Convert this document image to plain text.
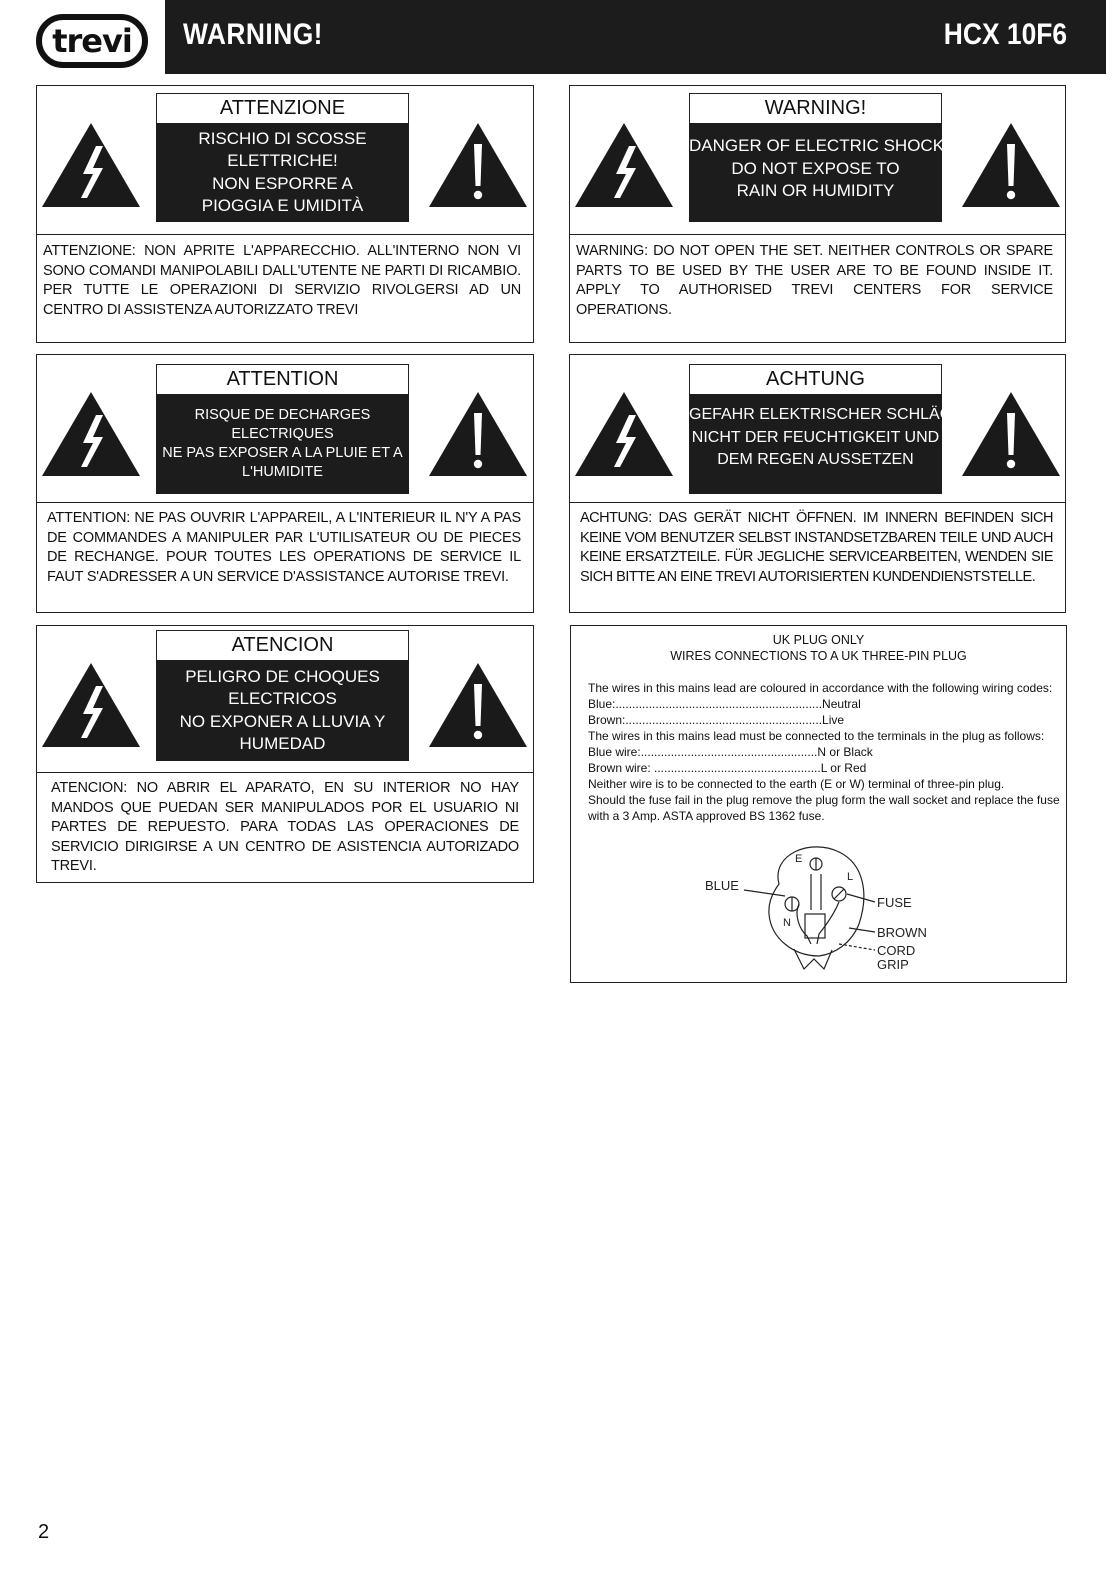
trevi WARNING!	HCX 10F6
ATTENZIONE
RISCHIO DI SCOSSE
ELETTRICHE!
NON ESPORRE A
PIOGGIA E UMIDITÀ
ATTENZIONE: NON APRITE L'APPARECCHIO. ALL'INTERNO NON VI SONO COMANDI MANIPOLABILI DALL'UTENTE NE PARTI DI RICAMBIO. PER TUTTE LE OPERAZIONI DI SERVIZIO RIVOLGERSI AD UN CENTRO DI ASSISTENZA AUTORIZZATO TREVI
WARNING!
DANGER OF ELECTRIC SHOCK!
DO NOT EXPOSE TO
RAIN OR HUMIDITY
WARNING: DO NOT OPEN THE SET. NEITHER CONTROLS OR SPARE PARTS TO BE USED BY THE USER ARE TO BE FOUND INSIDE IT. APPLY TO AUTHORISED TREVI CENTERS FOR SERVICE OPERATIONS.
ATTENTION
RISQUE DE DECHARGES
ELECTRIQUES
NE PAS EXPOSER A LA PLUIE ET A
L'HUMIDITE
ATTENTION: NE PAS OUVRIR L'APPAREIL, A L'INTERIEUR IL N'Y A PAS DE COMMANDES A MANIPULER PAR L'UTILISATEUR OU DE PIECES DE RECHANGE. POUR TOUTES LES OPERATIONS DE SERVICE IL FAUT S'ADRESSER A UN SERVICE D'ASSISTANCE AUTORISE TREVI.
ACHTUNG
GEFAHR ELEKTRISCHER SCHLÄGE
NICHT DER FEUCHTIGKEIT UND
DEM REGEN AUSSETZEN
ACHTUNG: DAS GERÄT NICHT ÖFFNEN. IM INNERN BEFINDEN SICH KEINE VOM BENUTZER SELBST INSTANDSETZBAREN TEILE UND AUCH KEINE ERSATZTEILE. FÜR JEGLICHE SERVICEARBEITEN, WENDEN SIE SICH BITTE AN EINE TREVI AUTORISIERTEN KUNDENDIENSTSTELLE.
ATENCION
PELIGRO DE CHOQUES
ELECTRICOS
NO EXPONER A LLUVIA Y
HUMEDAD
ATENCION: NO ABRIR EL APARATO, EN SU INTERIOR NO HAY MANDOS QUE PUEDAN SER MANIPULADOS POR EL USUARIO NI PARTES DE REPUESTO. PARA TODAS LAS OPERACIONES DE SERVICIO DIRIGIRSE A UN CENTRO DE ASISTENCIA AUTORIZADO TREVI.
UK PLUG ONLY
WIRES CONNECTIONS TO A UK THREE-PIN PLUG
The wires in this mains lead are coloured in accordance with the following wiring codes:
Blue:..............................................................Neutral
Brown:...........................................................Live
The wires in this mains lead must be connected to the terminals in the plug as follows:
Blue wire:.....................................................N or Black
Brown wire: ..................................................L or Red
Neither wire is to be connected to the earth (E or W) terminal of three-pin plug.
Should the fuse fail in the plug remove the plug form the wall socket and replace the fuse
with a 3 Amp. ASTA approved BS 1362 fuse.
BLUE
FUSE
BROWN
CORD
GRIP
E
L
N
2
